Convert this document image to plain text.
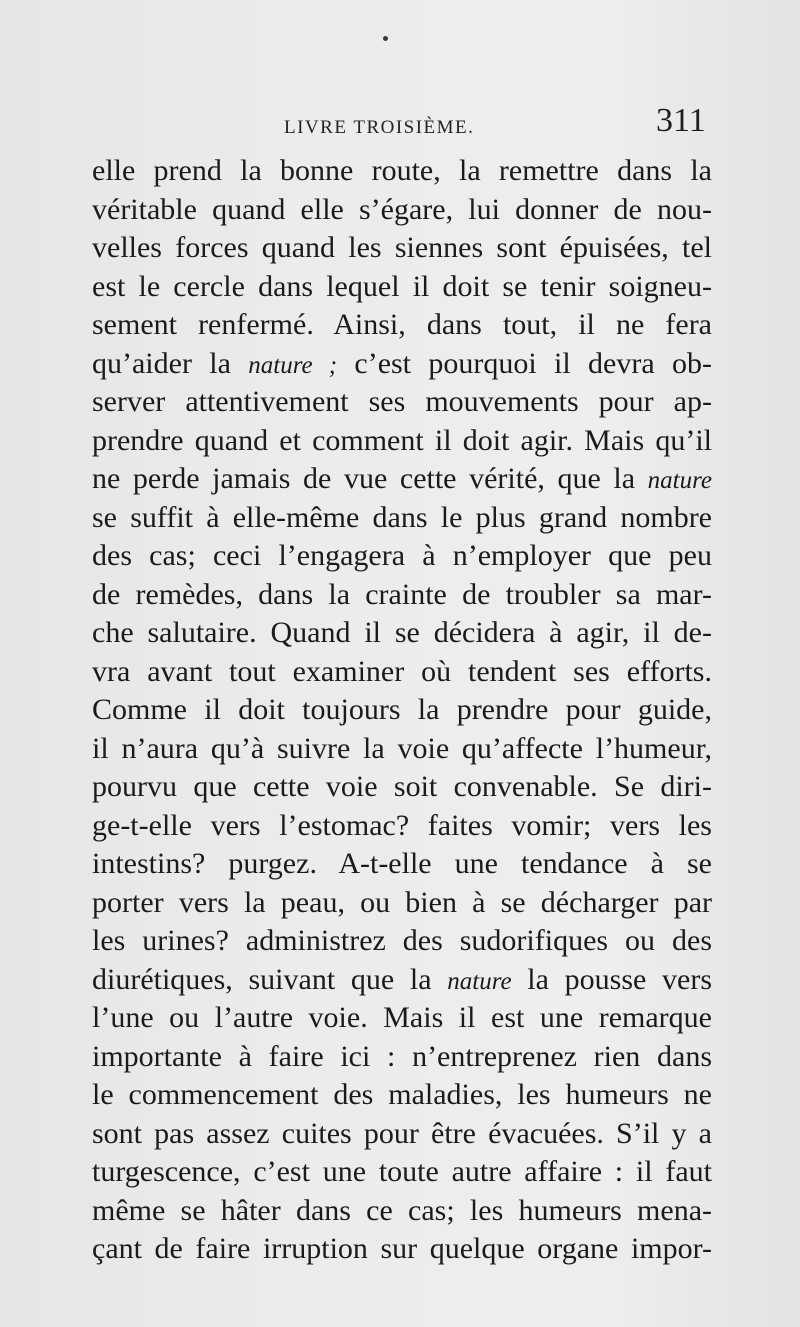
LIVRE TROISIÈME.	311
elle prend la bonne route, la remettre dans la
véritable quand elle s’égare, lui donner de nou-
velles forces quand les siennes sont épuisées, tel
est le cercle dans lequel il doit se tenir soigneu-
sement renfermé. Ainsi, dans tout, il ne fera
qu’aider la nature ; c’est pourquoi il devra ob-
server attentivement ses mouvements pour ap-
prendre quand et comment il doit agir. Mais qu’il
ne perde jamais de vue cette vérité, que la nature
se suffit à elle-même dans le plus grand nombre
des cas; ceci l’engagera à n’employer que peu
de remèdes, dans la crainte de troubler sa mar-
che salutaire. Quand il se décidera à agir, il de-
vra avant tout examiner où tendent ses efforts.
Comme il doit toujours la prendre pour guide,
il n’aura qu’à suivre la voie qu’affecte l’humeur,
pourvu que cette voie soit convenable. Se diri-
ge-t-elle vers l’estomac? faites vomir; vers les
intestins? purgez. A-t-elle une tendance à se
porter vers la peau, ou bien à se décharger par
les urines? administrez des sudorifiques ou des
diurétiques, suivant que la nature la pousse vers
l’une ou l’autre voie. Mais il est une remarque
importante à faire ici : n’entreprenez rien dans
le commencement des maladies, les humeurs ne
sont pas assez cuites pour être évacuées. S’il y a
turgescence, c’est une toute autre affaire : il faut
même se hâter dans ce cas; les humeurs mena-
çant de faire irruption sur quelque organe impor-
